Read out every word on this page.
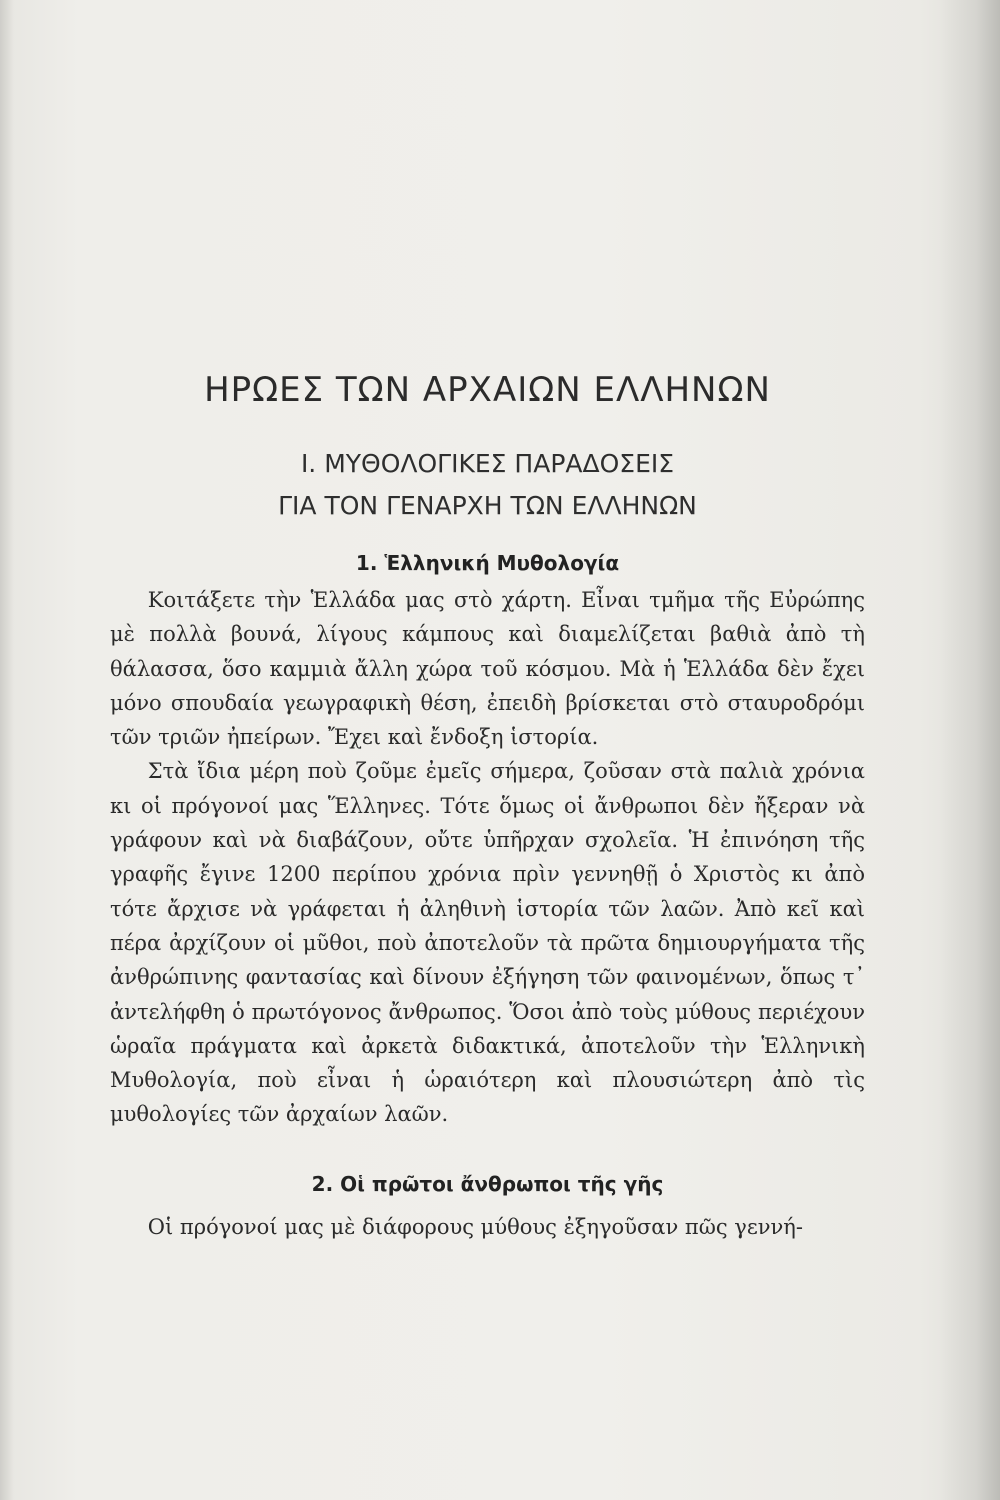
ΗΡΩΕΣ ΤΩΝ ΑΡΧΑΙΩΝ ΕΛΛΗΝΩΝ
I. ΜΥΘΟΛΟΓΙΚΕΣ ΠΑΡΑΔΟΣΕΙΣ
ΓΙΑ ΤΟΝ ΓΕΝΑΡΧΗ ΤΩΝ ΕΛΛΗΝΩΝ
1. Ἑλληνική Μυθολογία

Κοιτάξετε τὴν Ἑλλάδα μας στὸ χάρτη. Εἶναι τμῆμα τῆς Εὐρώπης μὲ πολλὰ βουνά, λίγους κάμπους καὶ διαμελίζεται βαθιὰ ἀπὸ τὴ θάλασσα, ὅσο καμμιὰ ἄλλη χώρα τοῦ κόσμου. Μὰ ἡ Ἑλλάδα δὲν ἔχει μόνο σπουδαία γεωγραφικὴ θέση, ἐπειδὴ βρίσκεται στὸ σταυροδρόμι τῶν τριῶν ἠπείρων. Ἔχει καὶ ἔνδοξη ἱστορία.

Στὰ ἴδια μέρη ποὺ ζοῦμε ἐμεῖς σήμερα, ζοῦσαν στὰ παλιὰ χρόνια κι οἱ πρόγονοί μας Ἕλληνες. Τότε ὅμως οἱ ἄνθρωποι δὲν ἤξεραν νὰ γράφουν καὶ νὰ διαβάζουν, οὔτε ὑπῆρχαν σχολεῖα. Ἡ ἐπινόηση τῆς γραφῆς ἔγινε 1200 περίπου χρόνια πρὶν γεννηθῇ ὁ Χριστὸς κι ἀπὸ τότε ἄρχισε νὰ γράφεται ἡ ἀληθινὴ ἱστορία τῶν λαῶν. Ἀπὸ κεῖ καὶ πέρα ἀρχίζουν οἱ μῦθοι, ποὺ ἀποτελοῦν τὰ πρῶτα δημιουργήματα τῆς ἀνθρώπινης φαντασίας καὶ δίνουν ἐξήγηση τῶν φαινομένων, ὅπως τ᾽ ἀντελήφθη ὁ πρωτόγονος ἄνθρωπος. Ὅσοι ἀπὸ τοὺς μύθους περιέχουν ὡραῖα πράγματα καὶ ἀρκετὰ διδακτικά, ἀποτελοῦν τὴν Ἑλληνικὴ Μυθολογία, ποὺ εἶναι ἡ ὡραιότερη καὶ πλουσιώτερη ἀπὸ τὶς μυθολογίες τῶν ἀρχαίων λαῶν.

2. Οἱ πρῶτοι ἄνθρωποι τῆς γῆς

Οἱ πρόγονοί μας μὲ διάφορους μύθους ἐξηγοῦσαν πῶς γεννή-
